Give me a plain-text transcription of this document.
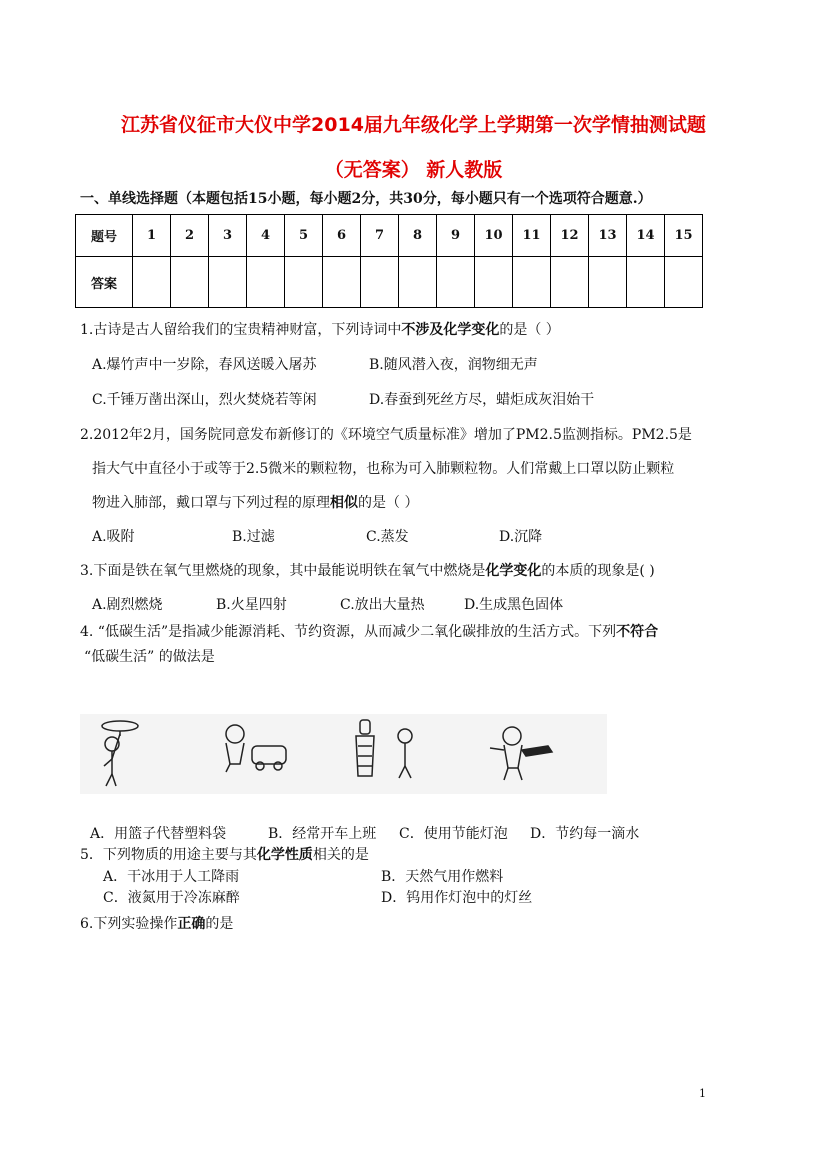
江苏省仪征市大仪中学2014届九年级化学上学期第一次学情抽测试题
（无答案） 新人教版
一、单线选择题（本题包括15小题，每小题2分，共30分，每小题只有一个选项符合题意.）
题号	1	2	3	4	5	6	7	8	9	10	11	12	13	14	15
答案															
1.古诗是古人留给我们的宝贵精神财富，下列诗词中不涉及化学变化的是（ ）
A.爆竹声中一岁除，春风送暖入屠苏	B.随风潜入夜，润物细无声
C.千锤万凿出深山，烈火焚烧若等闲	D.春蚕到死丝方尽，蜡炬成灰泪始干
2.2012年2月，国务院同意发布新修订的《环境空气质量标准》增加了PM2.5监测指标。PM2.5是
指大气中直径小于或等于2.5微米的颗粒物，也称为可入肺颗粒物。人们常戴上口罩以防止颗粒
物进入肺部，戴口罩与下列过程的原理相似的是（ ）
A.吸附	B.过滤	C.蒸发	D.沉降
3.下面是铁在氧气里燃烧的现象，其中最能说明铁在氧气中燃烧是化学变化的本质的现象是( )
A.剧烈燃烧	B.火星四射	C.放出大量热	D.生成黑色固体
4. “低碳生活”是指减少能源消耗、节约资源，从而减少二氧化碳排放的生活方式。下列不符合
“低碳生活” 的做法是
A．用篮子代替塑料袋	B．经常开车上班 C．使用节能灯泡 D．节约每一滴水
5．下列物质的用途主要与其化学性质相关的是
A．干冰用于人工降雨	B．天然气用作燃料
C．液氮用于冷冻麻醉	D．钨用作灯泡中的灯丝
6.下列实验操作正确的是
1
